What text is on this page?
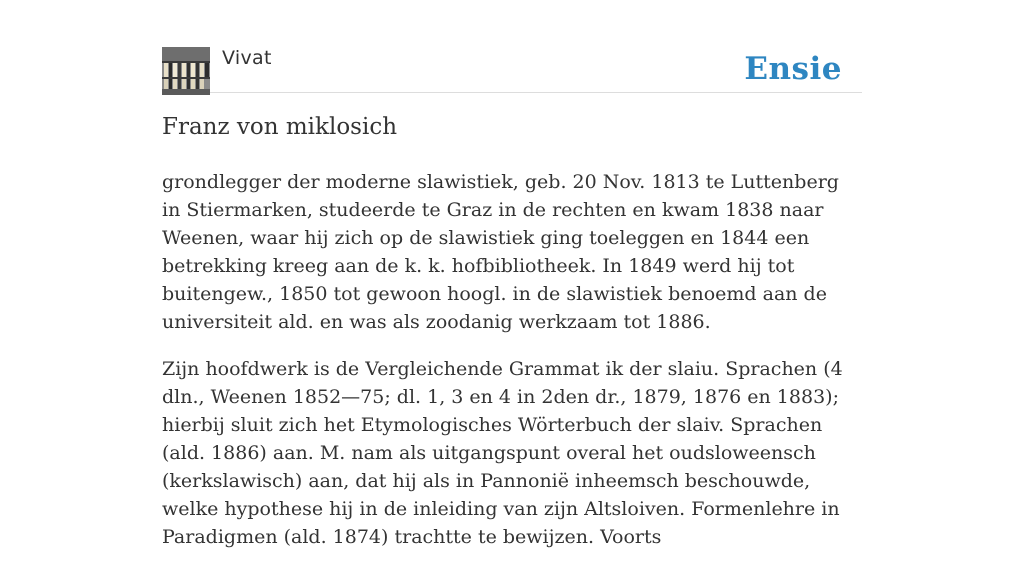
Vivat	Ensie
Franz von miklosich

grondlegger der moderne slawistiek, geb. 20 Nov. 1813 te Luttenberg in Stiermarken, studeerde te Graz in de rechten en kwam 1838 naar Weenen, waar hij zich op de slawistiek ging toeleggen en 1844 een betrekking kreeg aan de k. k. hofbibliotheek. In 1849 werd hij tot buitengew., 1850 tot gewoon hoogl. in de slawistiek benoemd aan de universiteit ald. en was als zoodanig werkzaam tot 1886.

Zijn hoofdwerk is de Vergleichende Grammat ik der slaiu. Sprachen (4 dln., Weenen 1852—75; dl. 1, 3 en 4 in 2den dr., 1879, 1876 en 1883); hierbij sluit zich het Etymologisches Wörterbuch der slaiv. Sprachen (ald. 1886) aan. M. nam als uitgangspunt overal het oudsloweensch (kerkslawisch) aan, dat hij als in Pannonië inheemsch beschouwde, welke hypothese hij in de inleiding van zijn Altsloiven. Formenlehre in Paradigmen (ald. 1874) trachtte te bewijzen. Voorts
